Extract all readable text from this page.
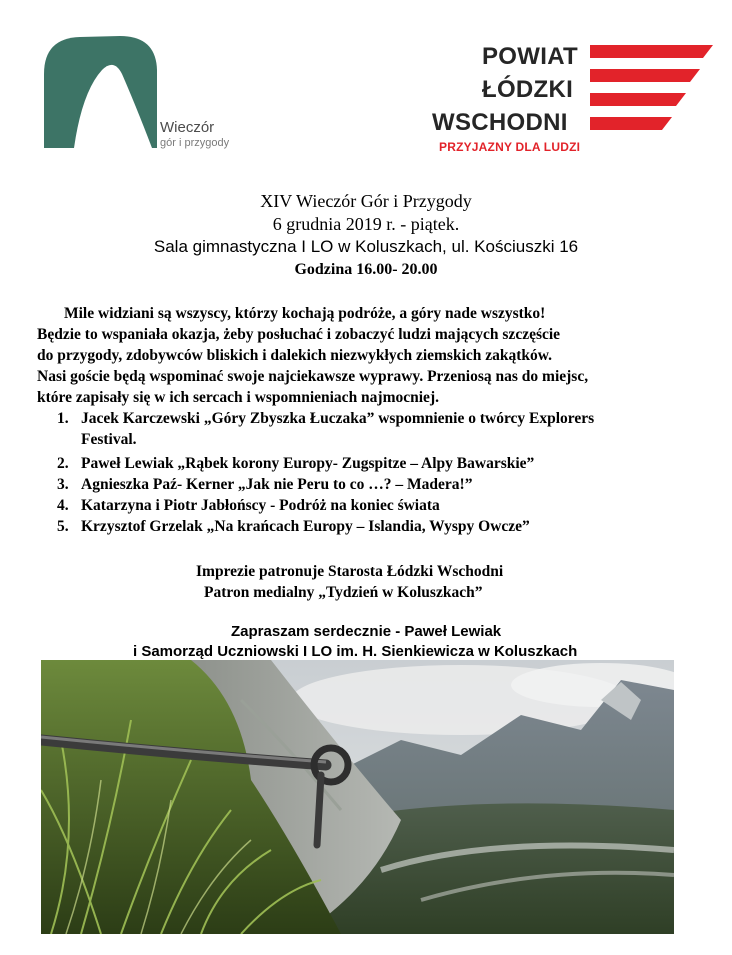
Wieczór
gór i przygody
POWIAT
ŁÓDZKI
WSCHODNI
PRZYJAZNY DLA LUDZI
XIV Wieczór Gór i Przygody
6 grudnia 2019 r. - piątek.
Sala gimnastyczna I LO w Koluszkach, ul. Kościuszki 16
Godzina 16.00- 20.00
Mile widziani są wszyscy, którzy kochają podróże, a góry nade wszystko!
Będzie to wspaniała okazja, żeby posłuchać i zobaczyć ludzi mających szczęście
do przygody, zdobywców bliskich i dalekich niezwykłych ziemskich zakątków.
Nasi goście będą wspominać swoje najciekawsze wyprawy. Przeniosą nas do miejsc,
które zapisały się w ich sercach i wspomnieniach najmocniej.
1. Jacek Karczewski „Góry Zbyszka Łuczaka” wspomnienie o twórcy Explorers
Festival.
2. Paweł Lewiak „Rąbek korony Europy- Zugspitze – Alpy Bawarskie”
3. Agnieszka Paź- Kerner „Jak nie Peru to co …? – Madera!”
4. Katarzyna i Piotr Jabłońscy - Podróż na koniec świata
5. Krzysztof Grzelak „Na krańcach Europy – Islandia, Wyspy Owcze”
Imprezie patronuje Starosta Łódzki Wschodni
Patron medialny „Tydzień w Koluszkach”
Zapraszam serdecznie - Paweł Lewiak
i Samorząd Uczniowski I LO im. H. Sienkiewicza w Koluszkach
